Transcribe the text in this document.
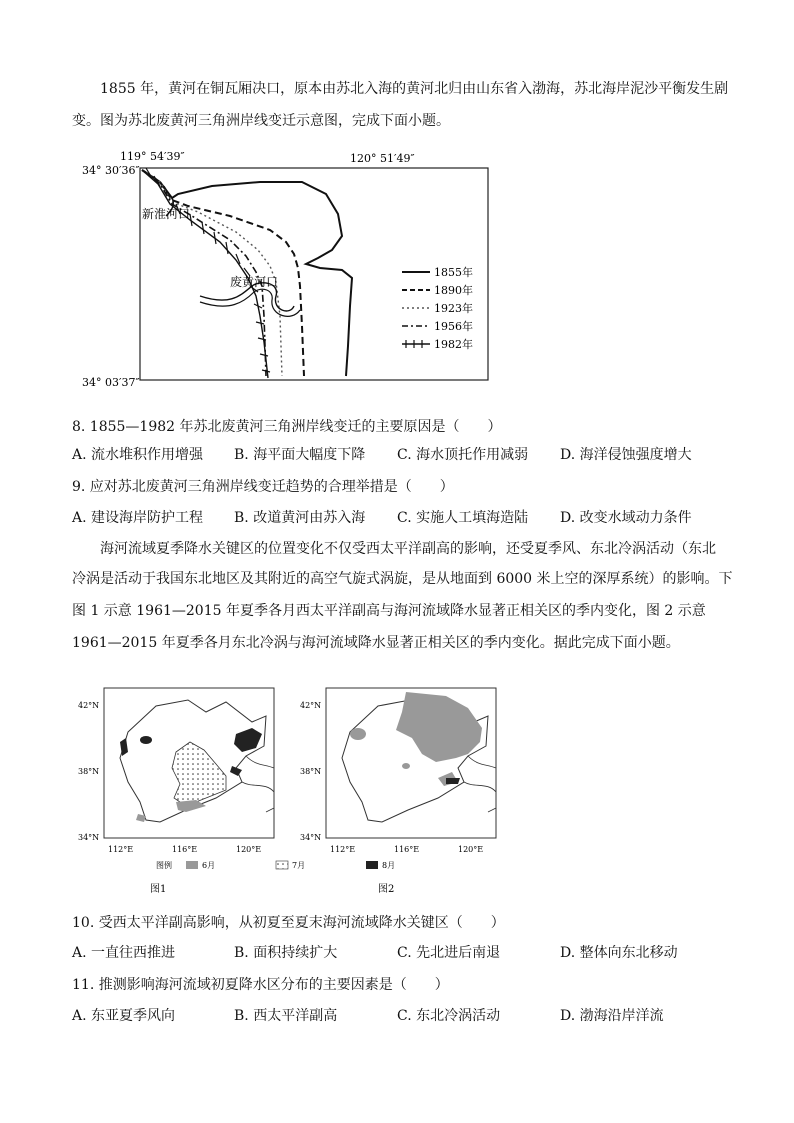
1855 年，黄河在铜瓦厢决口，原本由苏北入海的黄河北归由山东省入渤海，苏北海岸泥沙平衡发生剧
变。图为苏北废黄河三角洲岸线变迁示意图，完成下面小题。
119° 54′39″	120° 51′49″
34° 30′36″
34° 03′37″
新淮河口
废黄河口
1855年
1890年
1923年
1956年
1982年
8. 1855—1982 年苏北废黄河三角洲岸线变迁的主要原因是（　　）
A. 流水堆积作用增强 B. 海平面大幅度下降 C. 海水顶托作用减弱 D. 海洋侵蚀强度增大
9. 应对苏北废黄河三角洲岸线变迁趋势的合理举措是（　　）
A. 建设海岸防护工程 B. 改道黄河由苏入海 C. 实施人工填海造陆 D. 改变水域动力条件
海河流域夏季降水关键区的位置变化不仅受西太平洋副高的影响，还受夏季风、东北冷涡活动（东北
冷涡是活动于我国东北地区及其附近的高空气旋式涡旋，是从地面到 6000 米上空的深厚系统）的影响。下
图 1 示意 1961—2015 年夏季各月西太平洋副高与海河流域降水显著正相关区的季内变化，图 2 示意
1961—2015 年夏季各月东北冷涡与海河流域降水显著正相关区的季内变化。据此完成下面小题。
42°N
38°N
34°N
112°E	116°E	120°E
42°N
38°N
34°N
112°E	116°E	120°E
图例	6月	7月	8月
图1	图2
10. 受西太平洋副高影响，从初夏至夏末海河流域降水关键区（　　）
A. 一直往西推进	B. 面积持续扩大	C. 先北进后南退	D. 整体向东北移动
11. 推测影响海河流域初夏降水区分布的主要因素是（　　）
A. 东亚夏季风向	B. 西太平洋副高	C. 东北冷涡活动	D. 渤海沿岸洋流
